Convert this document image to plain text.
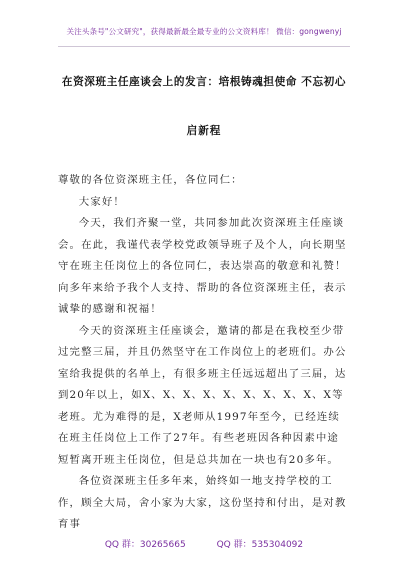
关注头条号"公文研究"，获得最新最全最专业的公文资料库！ 微信：gongwenyj
在资深班主任座谈会上的发言：培根铸魂担使命 不忘初心
启新程

尊敬的各位资深班主任，各位同仁：

大家好！

今天，我们齐聚一堂，共同参加此次资深班主任座谈会。在此，我谨代表学校党政领导班子及个人，向长期坚守在班主任岗位上的各位同仁，表达崇高的敬意和礼赞！向多年来给予我个人支持、帮助的各位资深班主任，表示诚挚的感谢和祝福！

今天的资深班主任座谈会，邀请的都是在我校至少带过完整三届，并且仍然坚守在工作岗位上的老班们。办公室给我提供的名单上，有很多班主任远远超出了三届，达到20年以上，如X、X、X、X、X、X、X、X、X、X等老班。尤为难得的是，X老师从1997年至今，已经连续在班主任岗位上工作了27年。有些老班因各种因素中途短暂离开班主任岗位，但是总共加在一块也有20多年。

各位资深班主任多年来，始终如一地支持学校的工作，顾全大局，舍小家为大家，这份坚持和付出，是对教育事

QQ 群：30265665	QQ 群：535304092
